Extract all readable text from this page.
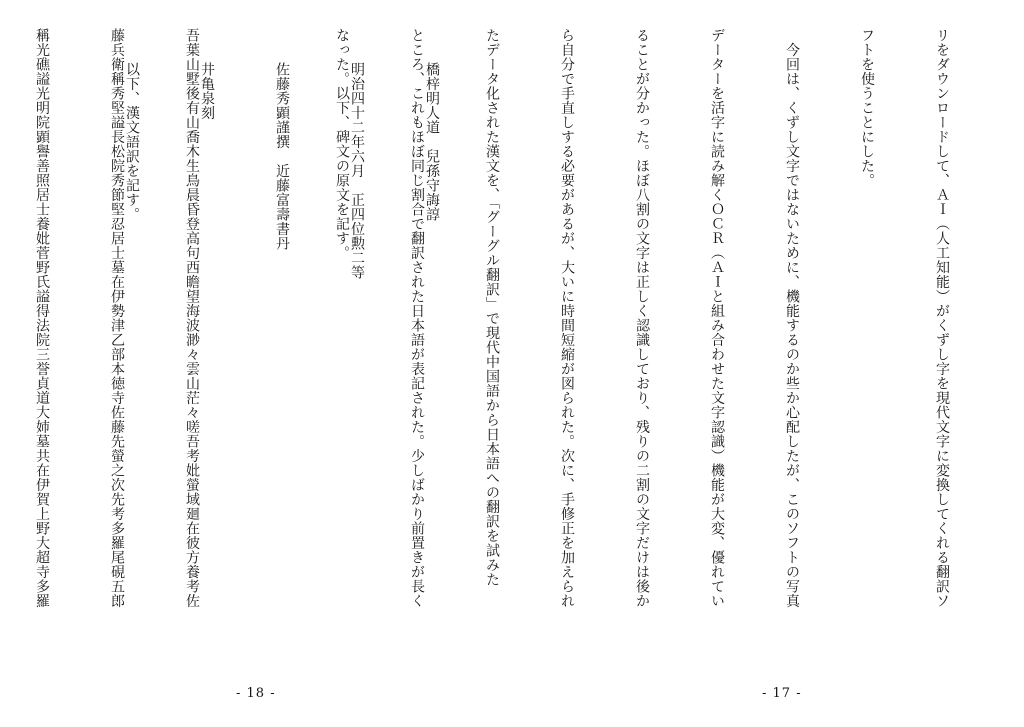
橋梓明人道　兒孫守誨諄

明治四十二年六月　正四位勲二等

佐藤秀顕謹撰　近藤富壽書丹

井亀泉刻

以下、漢文語訳を記す。

- 18 -

リをダウンロードして、ＡＩ（人工知能）がくずし字を現代文字に変換してくれる翻訳ソ

フトを使うことにした。

　今回は、くずし文字ではないために、機能するのか些か心配したが、このソフトの写真

データーを活字に読み解くＯＣＲ（ＡＩと組み合わせた文字認識）機能が大変、優れてい

ることが分かった。ほぼ八割の文字は正しく認識しており、残りの二割の文字だけは後か

ら自分で手直しする必要があるが、大いに時間短縮が図られた。次に、手修正を加えられ

たデータ化された漢文を、「グーグル翻訳」で現代中国語から日本語への翻訳を試みた

ところ、これもほぼ同じ割合で翻訳された日本語が表記された。少しばかり前置きが長く

なった。以下、碑文の原文を記す。

吾葉山墅後有山喬木生鳥晨昏登高句西瞻望海波渺々雲山茫々嗟吾考妣螢域廻在彼方養考佐

藤兵衛稱秀堅謚長松院秀節堅忍居士墓在伊勢津乙部本徳寺佐藤先螢之次先考多羅尾硯五郎

稱光礁謚光明院顕譽善照居士養妣菅野氏謚得法院三誉貞道大姉墓共在伊賀上野大超寺多羅

- 17 -
